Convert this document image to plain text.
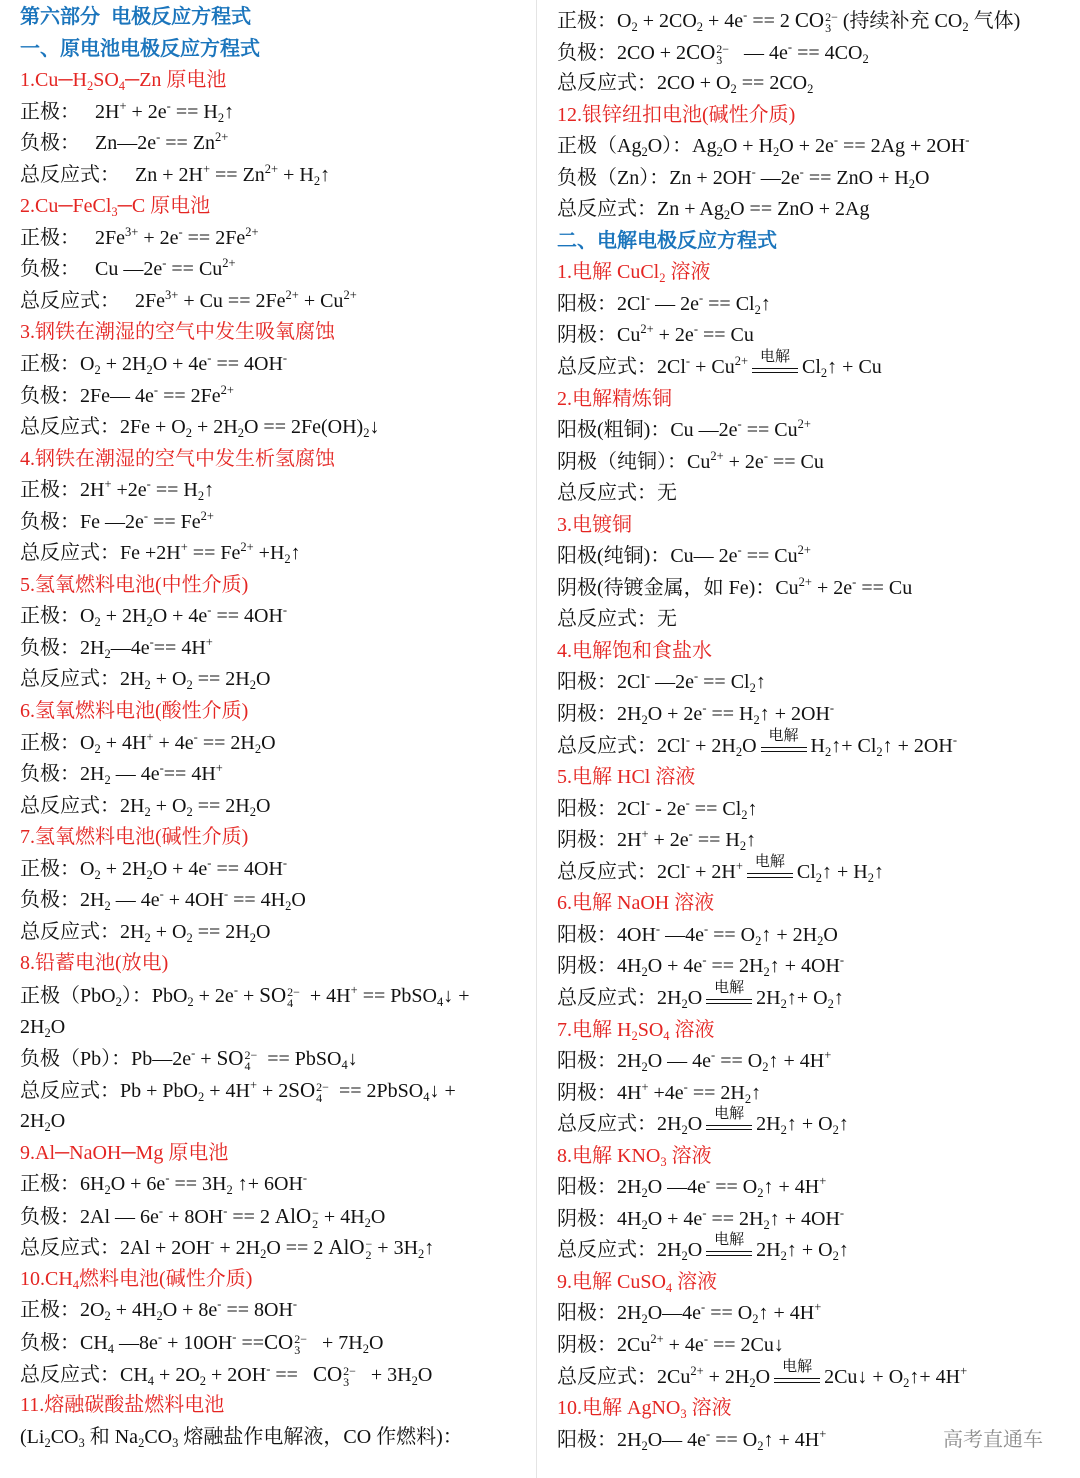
第六部分  电极反应方程式
一、原电池电极反应方程式
$1.Cu─H_2SO_4─Zn$ 原电池
正极：   $2H^+ + 2e^- == H_2↑$
负极：   Zn—2e- == $Zn^{2+}$
总反应式：   $Zn + 2H^+ == Zn^{2+}$ + $H_2↑$
2.Cu─FeCl$_3$─C 原电池
正极：   $2Fe^{3+} + 2e^- == 2Fe^{2+}$
负极：   Cu —2e- == $Cu^{2+}$
总反应式：   $2Fe^{3+} + Cu == 2Fe^{2+} + Cu^{2+}$
3.钢铁在潮湿的空气中发生吸氧腐蚀
正极：$O_2 + 2H_2O + 4e^- == 4OH^-$
负极：2Fe— $4e^- == 2Fe^{2+}$
总反应式：$2Fe + O_2 + 2H_2O$ == $2Fe(OH)_2↓$
4.钢铁在潮湿的空气中发生析氢腐蚀
正极：$2H^+ +2e^- == H_2↑$
负极：Fe —2e- == $Fe^{2+}$
总反应式：$Fe +2H^+ == Fe^{2+}$ $+H_2↑$
5.氢氧燃料电池(中性介质)
正极：$O_2 + 2H_2O + 4e^- == 4OH^-$
负极：$2H_2—4e^-== 4H^+$
总反应式：$2H_2 + O_2 == 2H_2O$
6.氢氧燃料电池(酸性介质)
正极：$O_2 + 4H^+ + 4e^- == 2H_2O$
负极：$2H_2$ — 4e-== 4H+
总反应式：$2H_2 + O_2 == 2H_2O$
7.氢氧燃料电池(碱性介质)
正极：$O_2 + 2H_2O + 4e^- == 4OH^-$
负极：$2H_2$ — $4e^- + 4OH^- == 4H_2O$
总反应式：$2H_2 + O_2 == 2H_2O$
8.铅蓄电池(放电)
正极（PbO$_2$）：PbO$_2$ + 2e- + SO 2−
4 + 4H+ == PbSO$_4$↓ +
$2H_2O$
负极（Pb）：Pb—2e- + SO 2−
4 == PbSO$_4$↓
总反应式：Pb + PbO$_2$ + 4H+ + 2SO 2−
4 == 2PbSO$_4$↓ +
$2H_2O$
9.Al─NaOH─Mg 原电池
正极：$6H_2O + 6e^- == 3H_2$ ↑+ 6OH-
负极：2Al — 6e- + 8OH- == 2 AlO −
$2 + 4H_2O$
总反应式：$2Al + 2OH^- + 2H_2O == 2$ AlO −
$2 + 3H_2↑$
$10.CH_4$燃料电池(碱性介质)
正极：$2O_2 + 4H_2O + 8e^- == 8OH^-$
负极：$CH_4$ —8e- + 10OH- ==CO 2−
$3 + 7H_2O$
总反应式：$CH_4 + 2O_2 + 2OH^-$ ==   CO 2−
$3 + 3H_2O$
11.熔融碳酸盐燃料电池
($Li_2CO_3$ 和 $Na_2CO_3$ 熔融盐作电解液，CO 作燃料)：
正极：$O_2 + 2CO_2 + 4e^- == 2$ CO 2−
3 (持续补充 $CO_2$ 气体)
负极：2CO + 2CO 2−
3 — $4e^- == 4CO_2$
总反应式：$2CO + O_2 == 2CO_2$
12.银锌纽扣电池(碱性介质)
正极$(Ag_2O)$：$Ag_2O + H_2O + 2e^- == 2Ag + 2OH^-$
负极（Zn）：Zn + 2OH- —2e- == ZnO + $H_2O$
总反应式：$Zn + Ag_2O$ == ZnO + 2Ag
二、电解电极反应方程式
1.电解 CuCl$_2$ 溶液
阳极：2Cl- — $2e^- == Cl_2↑$
阴极：$Cu^{2+} + 2e^- == Cu$
总反应式：$2Cl^- + Cu^{2+}$ 电解 $Cl_2↑ + Cu$
2.电解精炼铜
阳极(粗铜)：Cu —2e- == $Cu^{2+}$
阴极（纯铜）：$Cu^{2+} + 2e^- == Cu$
总反应式：无
3.电镀铜
阳极(纯铜)：Cu— $2e^- == Cu^{2+}$
阴极(待镀金属，如 Fe)：$Cu^{2+} + 2e^- == Cu$
总反应式：无
4.电解饱和食盐水
阳极：2Cl- —2e- == $Cl_2↑$
阴极：$2H_2O + 2e^-$ == $H_2↑ + 2OH^-$
总反应式：$2Cl^- + 2H_2O$ 电解 $H_2↑+$ $Cl_2↑ + 2OH^-$
5.电解 HCl 溶液
阳极：$2Cl^- - 2e^- == Cl_2↑$
阴极：$2H^+ + 2e^- == H_2↑$
总反应式：2Cl- + 2H+ 电解 $Cl_2↑$ + $H_2↑$
6.电解 NaOH 溶液
阳极：4OH- —4e- == $O_2↑ + 2H_2O$
阴极：$4H_2O + 4e^-$ == $2H_2↑ + 4OH^-$
总反应式：$2H_2O$ 电解 $2H_2↑+$ $O_2↑$
7.电解 $H_2SO_4$ 溶液
阳极：$2H_2O$ — $4e^- == O_2↑ + 4H^+$
阴极：$4H^+ +4e^- == 2H_2↑$
总反应式：$2H_2O$ 电解 $2H_2↑$ + $O_2↑$
8.电解 $KNO_3$ 溶液
阳极：$2H_2O$ —4e- == $O_2↑ + 4H^+$
阴极：$4H_2O + 4e^-$ == $2H_2↑ + 4OH^-$
总反应式：$2H_2O$ 电解 $2H_2↑$ + $O_2↑$
9.电解 CuSO$_4$ 溶液
阳极：$2H_2O—4e^-$ == $O_2↑ + 4H^+$
阴极：$2Cu^{2+} + 4e^-$ == 2Cu↓
总反应式：$2Cu^{2+} + 2H_2O$ 电解 2Cu↓ + $O_2↑+ 4H^+$
10.电解 AgNO$_3$ 溶液
阳极：$2H_2O—$ $4e^- == O_2↑ + 4H^+$	高考直通车
